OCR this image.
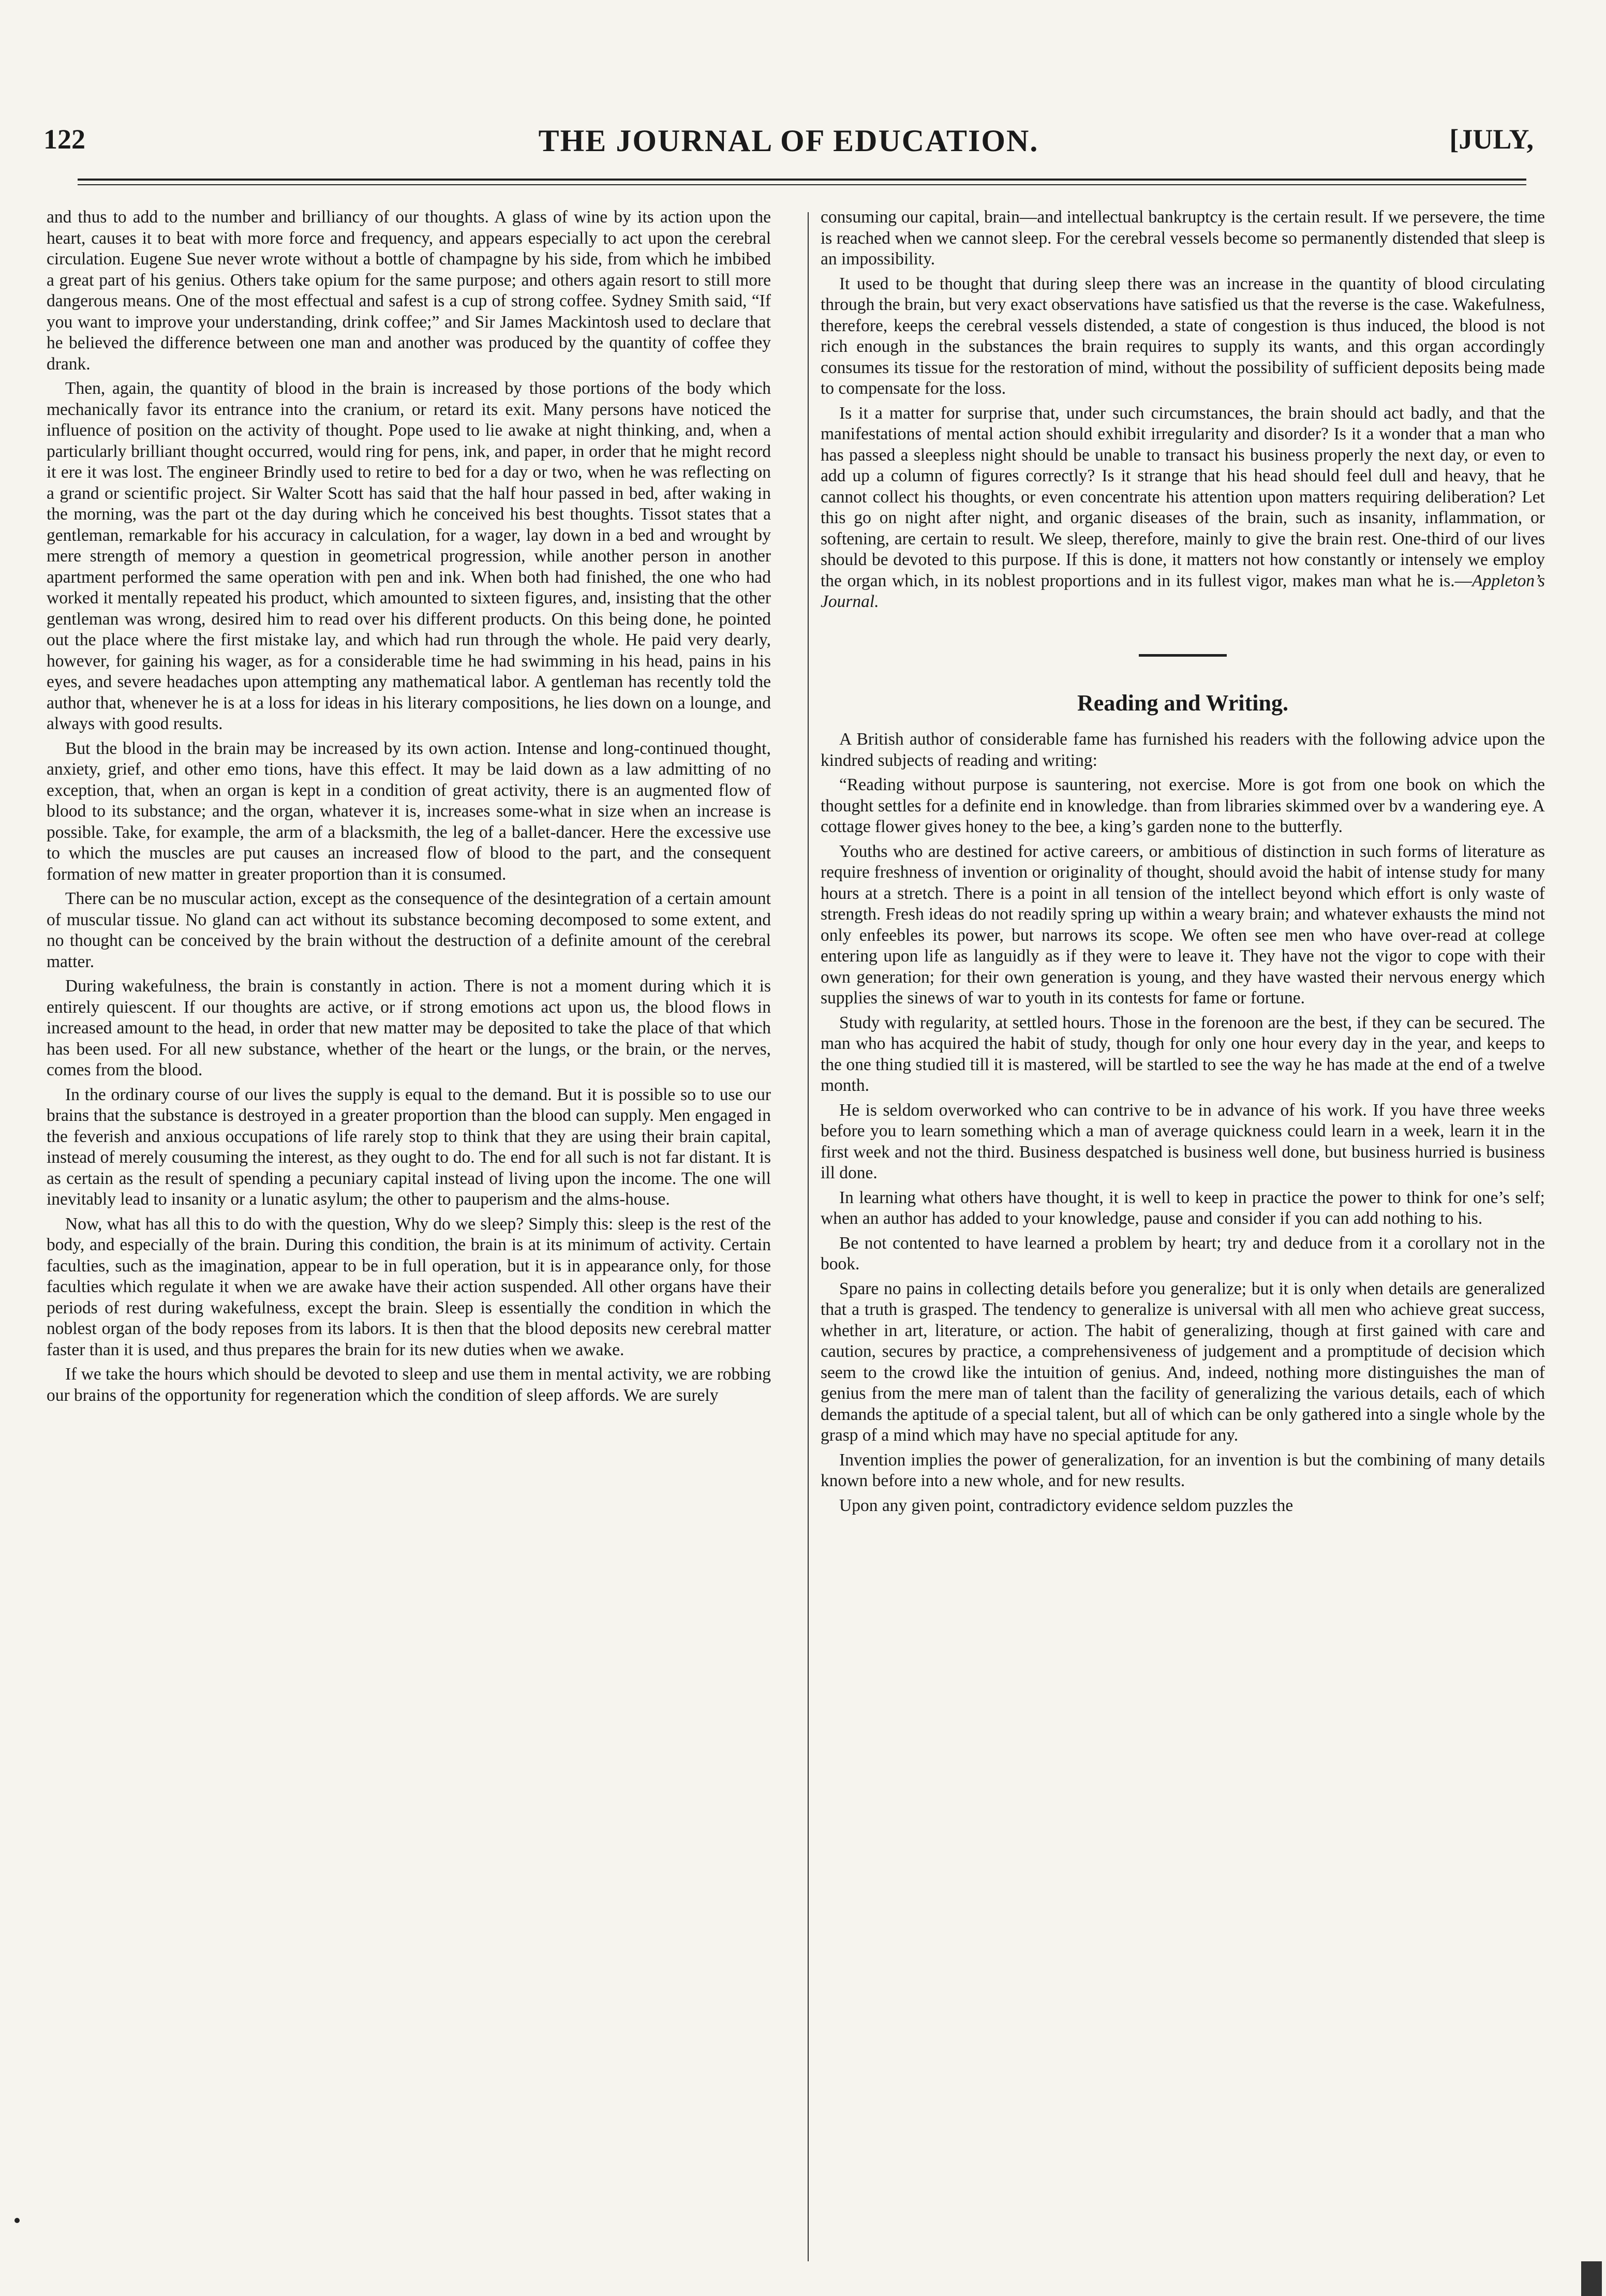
122	THE JOURNAL OF EDUCATION.	[JULY,

and thus to add to the number and brilliancy of our thoughts. A glass of wine by its action upon the heart, causes it to beat with more force and frequency, and appears especially to act upon the cerebral circulation. Eugene Sue never wrote without a bottle of champagne by his side, from which he imbibed a great part of his genius. Others take opium for the same purpose; and others again resort to still more dangerous means. One of the most effectual and safest is a cup of strong coffee. Sydney Smith said, “If you want to improve your understanding, drink coffee;” and Sir James Mackintosh used to declare that he believed the difference between one man and another was produced by the quantity of coffee they drank.

Then, again, the quantity of blood in the brain is increased by those portions of the body which mechanically favor its entrance into the cranium, or retard its exit. Many persons have noticed the influence of position on the activity of thought. Pope used to lie awake at night thinking, and, when a particularly brilliant thought occurred, would ring for pens, ink, and paper, in order that he might record it ere it was lost. The engineer Brindly used to retire to bed for a day or two, when he was reflecting on a grand or scientific project. Sir Walter Scott has said that the half hour passed in bed, after waking in the morning, was the part ot the day during which he conceived his best thoughts. Tissot states that a gentleman, remarkable for his accuracy in calculation, for a wager, lay down in a bed and wrought by mere strength of memory a question in geometrical progression, while another person in another apartment performed the same operation with pen and ink. When both had finished, the one who had worked it mentally repeated his product, which amounted to sixteen figures, and, insisting that the other gentleman was wrong, desired him to read over his different products. On this being done, he pointed out the place where the first mistake lay, and which had run through the whole. He paid very dearly, however, for gaining his wager, as for a considerable time he had swimming in his head, pains in his eyes, and severe headaches upon attempting any mathematical labor. A gentleman has recently told the author that, whenever he is at a loss for ideas in his literary compositions, he lies down on a lounge, and always with good results.

But the blood in the brain may be increased by its own action. Intense and long-continued thought, anxiety, grief, and other emo tions, have this effect. It may be laid down as a law admitting of no exception, that, when an organ is kept in a condition of great activity, there is an augmented flow of blood to its substance; and the organ, whatever it is, increases some-what in size when an increase is possible. Take, for example, the arm of a blacksmith, the leg of a ballet-dancer. Here the excessive use to which the muscles are put causes an increased flow of blood to the part, and the consequent formation of new matter in greater proportion than it is consumed.

There can be no muscular action, except as the consequence of the desintegration of a certain amount of muscular tissue. No gland can act without its substance becoming decomposed to some extent, and no thought can be conceived by the brain without the destruction of a definite amount of the cerebral matter.

During wakefulness, the brain is constantly in action. There is not a moment during which it is entirely quiescent. If our thoughts are active, or if strong emotions act upon us, the blood flows in increased amount to the head, in order that new matter may be deposited to take the place of that which has been used. For all new substance, whether of the heart or the lungs, or the brain, or the nerves, comes from the blood.

In the ordinary course of our lives the supply is equal to the demand. But it is possible so to use our brains that the substance is destroyed in a greater proportion than the blood can supply. Men engaged in the feverish and anxious occupations of life rarely stop to think that they are using their brain capital, instead of merely cousuming the interest, as they ought to do. The end for all such is not far distant. It is as certain as the result of spending a pecuniary capital instead of living upon the income. The one will inevitably lead to insanity or a lunatic asylum; the other to pauperism and the alms-house.

Now, what has all this to do with the question, Why do we sleep? Simply this: sleep is the rest of the body, and especially of the brain. During this condition, the brain is at its minimum of activity. Certain faculties, such as the imagination, appear to be in full operation, but it is in appearance only, for those faculties which regulate it when we are awake have their action suspended. All other organs have their periods of rest during wakefulness, except the brain. Sleep is essentially the condition in which the noblest organ of the body reposes from its labors. It is then that the blood deposits new cerebral matter faster than it is used, and thus prepares the brain for its new duties when we awake.

If we take the hours which should be devoted to sleep and use them in mental activity, we are robbing our brains of the opportunity for regeneration which the condition of sleep affords. We are surely

consuming our capital, brain—and intellectual bankruptcy is the certain result. If we persevere, the time is reached when we cannot sleep. For the cerebral vessels become so permanently distended that sleep is an impossibility.

It used to be thought that during sleep there was an increase in the quantity of blood circulating through the brain, but very exact observations have satisfied us that the reverse is the case. Wakefulness, therefore, keeps the cerebral vessels distended, a state of congestion is thus induced, the blood is not rich enough in the substances the brain requires to supply its wants, and this organ accordingly consumes its tissue for the restoration of mind, without the possibility of sufficient deposits being made to compensate for the loss.

Is it a matter for surprise that, under such circumstances, the brain should act badly, and that the manifestations of mental action should exhibit irregularity and disorder? Is it a wonder that a man who has passed a sleepless night should be unable to transact his business properly the next day, or even to add up a column of figures correctly? Is it strange that his head should feel dull and heavy, that he cannot collect his thoughts, or even concentrate his attention upon matters requiring deliberation? Let this go on night after night, and organic diseases of the brain, such as insanity, inflammation, or softening, are certain to result. We sleep, therefore, mainly to give the brain rest. One-third of our lives should be devoted to this purpose. If this is done, it matters not how constantly or intensely we employ the organ which, in its noblest proportions and in its fullest vigor, makes man what he is.—Appleton’s Journal.

Reading and Writing.

A British author of considerable fame has furnished his readers with the following advice upon the kindred subjects of reading and writing:

“Reading without purpose is sauntering, not exercise. More is got from one book on which the thought settles for a definite end in knowledge. than from libraries skimmed over bv a wandering eye. A cottage flower gives honey to the bee, a king’s garden none to the butterfly.

Youths who are destined for active careers, or ambitious of distinction in such forms of literature as require freshness of invention or originality of thought, should avoid the habit of intense study for many hours at a stretch. There is a point in all tension of the intellect beyond which effort is only waste of strength. Fresh ideas do not readily spring up within a weary brain; and whatever exhausts the mind not only enfeebles its power, but narrows its scope. We often see men who have over-read at college entering upon life as languidly as if they were to leave it. They have not the vigor to cope with their own generation; for their own generation is young, and they have wasted their nervous energy which supplies the sinews of war to youth in its contests for fame or fortune.

Study with regularity, at settled hours. Those in the forenoon are the best, if they can be secured. The man who has acquired the habit of study, though for only one hour every day in the year, and keeps to the one thing studied till it is mastered, will be startled to see the way he has made at the end of a twelve month.

He is seldom overworked who can contrive to be in advance of his work. If you have three weeks before you to learn something which a man of average quickness could learn in a week, learn it in the first week and not the third. Business despatched is business well done, but business hurried is business ill done.

In learning what others have thought, it is well to keep in practice the power to think for one’s self; when an author has added to your knowledge, pause and consider if you can add nothing to his.

Be not contented to have learned a problem by heart; try and deduce from it a corollary not in the book.

Spare no pains in collecting details before you generalize; but it is only when details are generalized that a truth is grasped. The tendency to generalize is universal with all men who achieve great success, whether in art, literature, or action. The habit of generalizing, though at first gained with care and caution, secures by practice, a comprehensiveness of judgement and a promptitude of decision which seem to the crowd like the intuition of genius. And, indeed, nothing more distinguishes the man of genius from the mere man of talent than the facility of generalizing the various details, each of which demands the aptitude of a special talent, but all of which can be only gathered into a single whole by the grasp of a mind which may have no special aptitude for any.

Invention implies the power of generalization, for an invention is but the combining of many details known before into a new whole, and for new results.

Upon any given point, contradictory evidence seldom puzzles the
